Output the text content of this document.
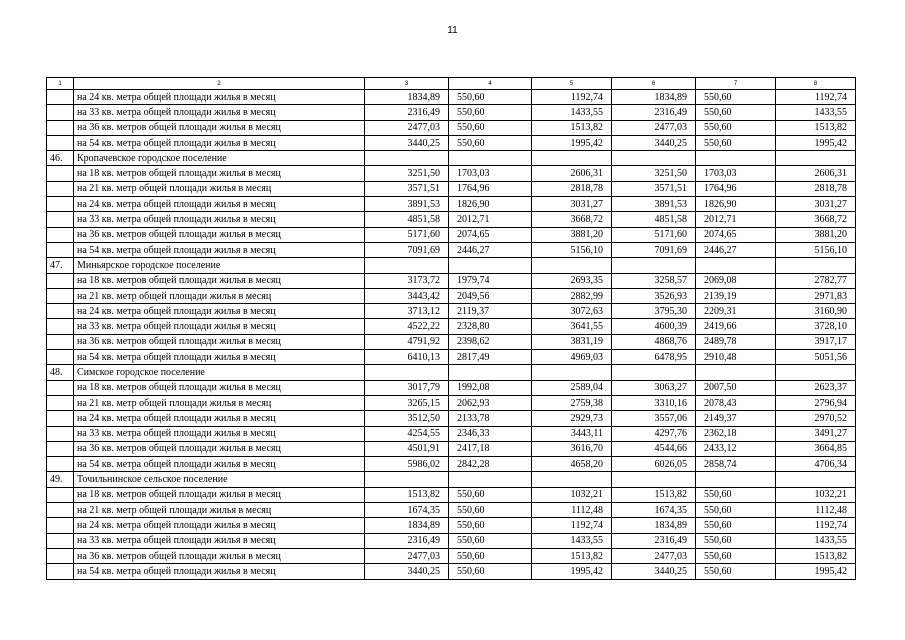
11
1	2	3	4	5	6	7	8
	на 24 кв. метра общей площади жилья в месяц	1834,89	550,60	1192,74	1834,89	550,60	1192,74
	на 33 кв. метра общей площади жилья в месяц	2316,49	550,60	1433,55	2316,49	550,60	1433,55
	на 36 кв. метров общей площади жилья в месяц	2477,03	550,60	1513,82	2477,03	550,60	1513,82
	на 54 кв. метра общей площади жилья в месяц	3440,25	550,60	1995,42	3440,25	550,60	1995,42
46.	Кропачевское городское поселение						
	на 18 кв. метров общей площади жилья в месяц	3251,50	1703,03	2606,31	3251,50	1703,03	2606,31
	на 21 кв. метр общей площади жилья в месяц	3571,51	1764,96	2818,78	3571,51	1764,96	2818,78
	на 24 кв. метра общей площади жилья в месяц	3891,53	1826,90	3031,27	3891,53	1826,90	3031,27
	на 33 кв. метра общей площади жилья в месяц	4851,58	2012,71	3668,72	4851,58	2012,71	3668,72
	на 36 кв. метров общей площади жилья в месяц	5171,60	2074,65	3881,20	5171,60	2074,65	3881,20
	на 54 кв. метра общей площади жилья в месяц	7091,69	2446,27	5156,10	7091,69	2446,27	5156,10
47.	Миньярское городское поселение						
	на 18 кв. метров общей площади жилья в месяц	3173,72	1979,74	2693,35	3258,57	2069,08	2782,77
	на 21 кв. метр общей площади жилья в месяц	3443,42	2049,56	2882,99	3526,93	2139,19	2971,83
	на 24 кв. метра общей площади жилья в месяц	3713,12	2119,37	3072,63	3795,30	2209,31	3160,90
	на 33 кв. метра общей площади жилья в месяц	4522,22	2328,80	3641,55	4600,39	2419,66	3728,10
	на 36 кв. метров общей площади жилья в месяц	4791,92	2398,62	3831,19	4868,76	2489,78	3917,17
	на 54 кв. метра общей площади жилья в месяц	6410,13	2817,49	4969,03	6478,95	2910,48	5051,56
48.	Симское городское поселение						
	на 18 кв. метров общей площади жилья в месяц	3017,79	1992,08	2589,04	3063,27	2007,50	2623,37
	на 21 кв. метр общей площади жилья в месяц	3265,15	2062,93	2759,38	3310,16	2078,43	2796,94
	на 24 кв. метра общей площади жилья в месяц	3512,50	2133,78	2929,73	3557,06	2149,37	2970,52
	на 33 кв. метра общей площади жилья в месяц	4254,55	2346,33	3443,11	4297,76	2362,18	3491,27
	на 36 кв. метров общей площади жилья в месяц	4501,91	2417,18	3616,70	4544,66	2433,12	3664,85
	на 54 кв. метра общей площади жилья в месяц	5986,02	2842,28	4658,20	6026,05	2858,74	4706,34
49.	Точильнинское сельское поселение						
	на 18 кв. метров общей площади жилья в месяц	1513,82	550,60	1032,21	1513,82	550,60	1032,21
	на 21 кв. метр общей площади жилья в месяц	1674,35	550,60	1112,48	1674,35	550,60	1112,48
	на 24 кв. метра общей площади жилья в месяц	1834,89	550,60	1192,74	1834,89	550,60	1192,74
	на 33 кв. метра общей площади жилья в месяц	2316,49	550,60	1433,55	2316,49	550,60	1433,55
	на 36 кв. метров общей площади жилья в месяц	2477,03	550,60	1513,82	2477,03	550,60	1513,82
	на 54 кв. метра общей площади жилья в месяц	3440,25	550,60	1995,42	3440,25	550,60	1995,42
